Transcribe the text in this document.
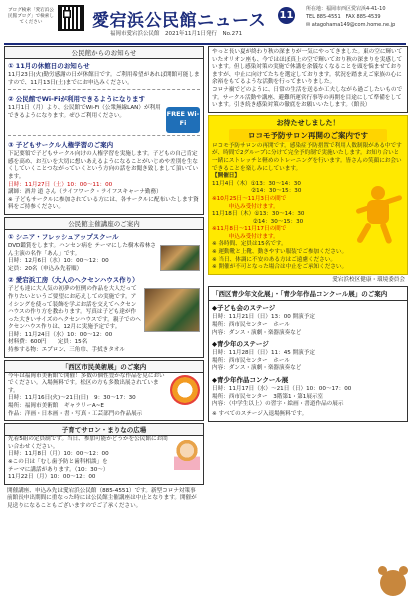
ブログ検索「愛宕浜公民館ブログ」で検索してください	愛宕浜公民館ニュース 11
福岡市愛宕浜公民館　2021年11月1日発行　No.271
所在地：福岡市西区愛宕浜4-41-10
TEL 885-4551　FAX 885-4539
✉ atagohama149@com.home.ne.jp
公民館からのお知らせ
① 11月の休館日のお知らせ
11月23日(火)勤労感謝の日が休館日です。ご利用希望があれば開館可能しますので、11月13日(土)までにお申込みください。
② 公民館でWi-Fiが利用できるようになります
FREE Wi-Fi
11月1日（月）より、公民館でWi-Fi（公衆無線LAN）が利用できるようになります。ぜひご利用ください。
③ 子どもサークル人権学習のご案内
下記要領で子どもサークル向けの人権学習を実施します。子どもの自己肯定感を高め、お互いを大切に想いあえるようになることがいじめや差別を生なくしていくことつながっていくという方向の話をお聞き致しまして頂いています。
日時：11月27日（土）10：00～11：00
講師：酒井 道 さん（ライフワーク・ライフスキャーナ勤務）
※ 子どもサークルに参加されている方には、各サークルに配布いたします資料をご持参ください。
公民館主催講座のご案内
① シニア・フレッシュアップスクール
DVD鑑賞をします。ハンセン病を テーマにした樹木希林さん主演の名作「あん」です。
日時：12月6日（水）10：00～12：00
定員：20名（申込み先着順）
② 愛宕浜工房（大人のヘクセンハウス作り）
子ども達に大人気の初夢の恒例の作品を大人だって作りたいというご要望にお応えしての実施です。アイシングを使って装飾を学ぶお話を交えてヘクセンハウスの作り方を教わります。写真は子ども達が作った大きいサイズのヘクセンハウスです。親子でのヘクセンハウス作りは、12月に実施予定です。
日時：11月24日（水）10：00～12：00
材料費：600円　　定員：15名
持参する物：エプロン、三角巾、手拭きタオル
「西区市民美術展」のご案内
今年は福岡市美術館で開催！多数の個性豊かな作品を見においでください。入場無料です。松区の方も多数出展されています。
日時：11月16日(火)～21日(日)　9：30～17：30
場所：福岡市美術館　ギャラリーA~E
作品：洋画・日本画・書・写真・工芸部門の作品展示
子育てサロン・まりなの広場
先着5組の定員制です。当日、参加可能かどうかを公民館にお問い合わせください。
日時：11月8日（月）10：00～12：00
※この日は「むし歯予防と歯科相談」を
テーマに講話があります。（10：30～）
11月22日（月）10：00～12：00
開催講座、申込み先は愛宕浜公民館（885-4551）です。新型コロナ対策事前館長申出期間に重なった時には公民館主催講座は中止となります。開催が見送りになることもございますのでご了承ください。
やっと長い夏が終わり秋の深まりが一気にやってきました。東の空に輝いていたオリオン座も、今ではほぼ真上の空で輝いており秋の深まりを実感しています。但し感染対策の実施で休講を余儀なくなることを頭を悩ませておりますが、中止に向けてたちを選定しております。状況を踏まえご家族の心に余裕をもてるような活動を行ってまいりました。
コロナ禍でどのように、日常の生活を送るか工夫しながら過ごしたいものです。サークル活動や講座、避難所運営行事等の再開を目途にして準備をしています。引き続き感染対策の徹底をお願いいたします。（館長）
お待たせしました！
ロコモ予防サロン再開のご案内です
ロコモ予防サロンの再開です。感染症予防措置で利用人数制限がある中ですが、時間で2グループに分けて完全予約制で実施いたします。お知り合いと一緒にストレッチと軽めのトレーニングを行います。皆さんの笑顔にお会いできることを楽しみにしています。
【開催日】
11月4日（木）①13：30～14：30
　　　　　　　②14：30～15：30
※10月25日～11月3日の間で
　　　申込み受付けます。
11月18日（木）①13：30～14：30
　　　　　　　 ②14：30～15：30
※11月8日～11月17日の間で
　　　申込み受付けます。
※ 各時間、定員は15名です。
※ 運動靴と上靴、動きやすい服装でご参加ください。
※ 当日、体調に不安のある方はご遠慮ください。
※ 開催が不可となった場合は中止をご承知ください。
愛宕浜校区健康・環境委員会
「西区青少年文化展」・「青少年作品コンクール展」のご案内
◆子ども会のステージ
日時：11月21日（日）13：00 開演予定
場所：西市民センター　ホール
内容：ダンス・演劇・楽器演奏など
◆青少年のステージ
日時：11月28日（日）11：45 開演予定
場所：西市民センター　ホール
内容：ダンス・演劇・楽器演奏など
◆青少年作品コンクール展
日時：11月17日（水）～21日（日）10：00～17：00
場所：西市民センター　3階第1・第1展示室
内容：（中学生以上）の習字・絵画・書道作品の展示
※ すべてのステージ入退場無料です。
